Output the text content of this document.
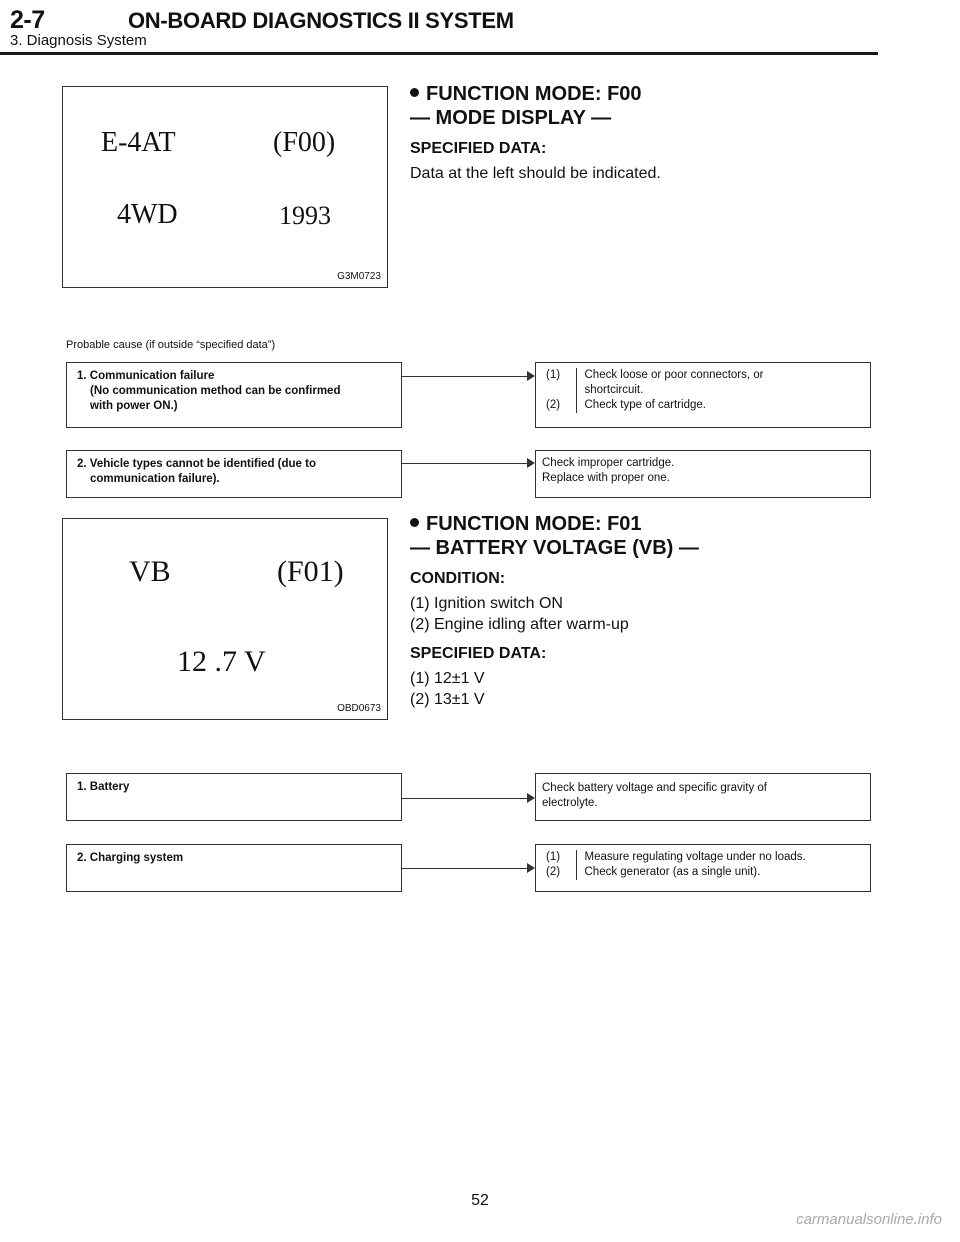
2-7	ON-BOARD DIAGNOSTICS II SYSTEM
3. Diagnosis System
E-4AT	(F00)
4WD	1993
G3M0723
FUNCTION MODE: F00
— MODE DISPLAY —
SPECIFIED DATA:
Data at the left should be indicated.
Probable cause (if outside “specified data”)
1. Communication failure
(No communication method can be confirmed
with power ON.)
(1)	Check loose or poor connectors, or
shortcircuit.
(2)	Check type of cartridge.
2. Vehicle types cannot be identified (due to
communication failure).
Check improper cartridge.
Replace with proper one.
VB	(F01)
12 .7 V
OBD0673
FUNCTION MODE: F01
— BATTERY VOLTAGE (VB) —
CONDITION:
(1) Ignition switch ON
(2) Engine idling after warm-up
SPECIFIED DATA:
(1) 12±1 V
(2) 13±1 V
1. Battery	Check battery voltage and specific gravity of
electrolyte.
2. Charging system	(1)	Measure regulating voltage under no loads.
(2)	Check generator (as a single unit).
52
carmanualsonline.info
